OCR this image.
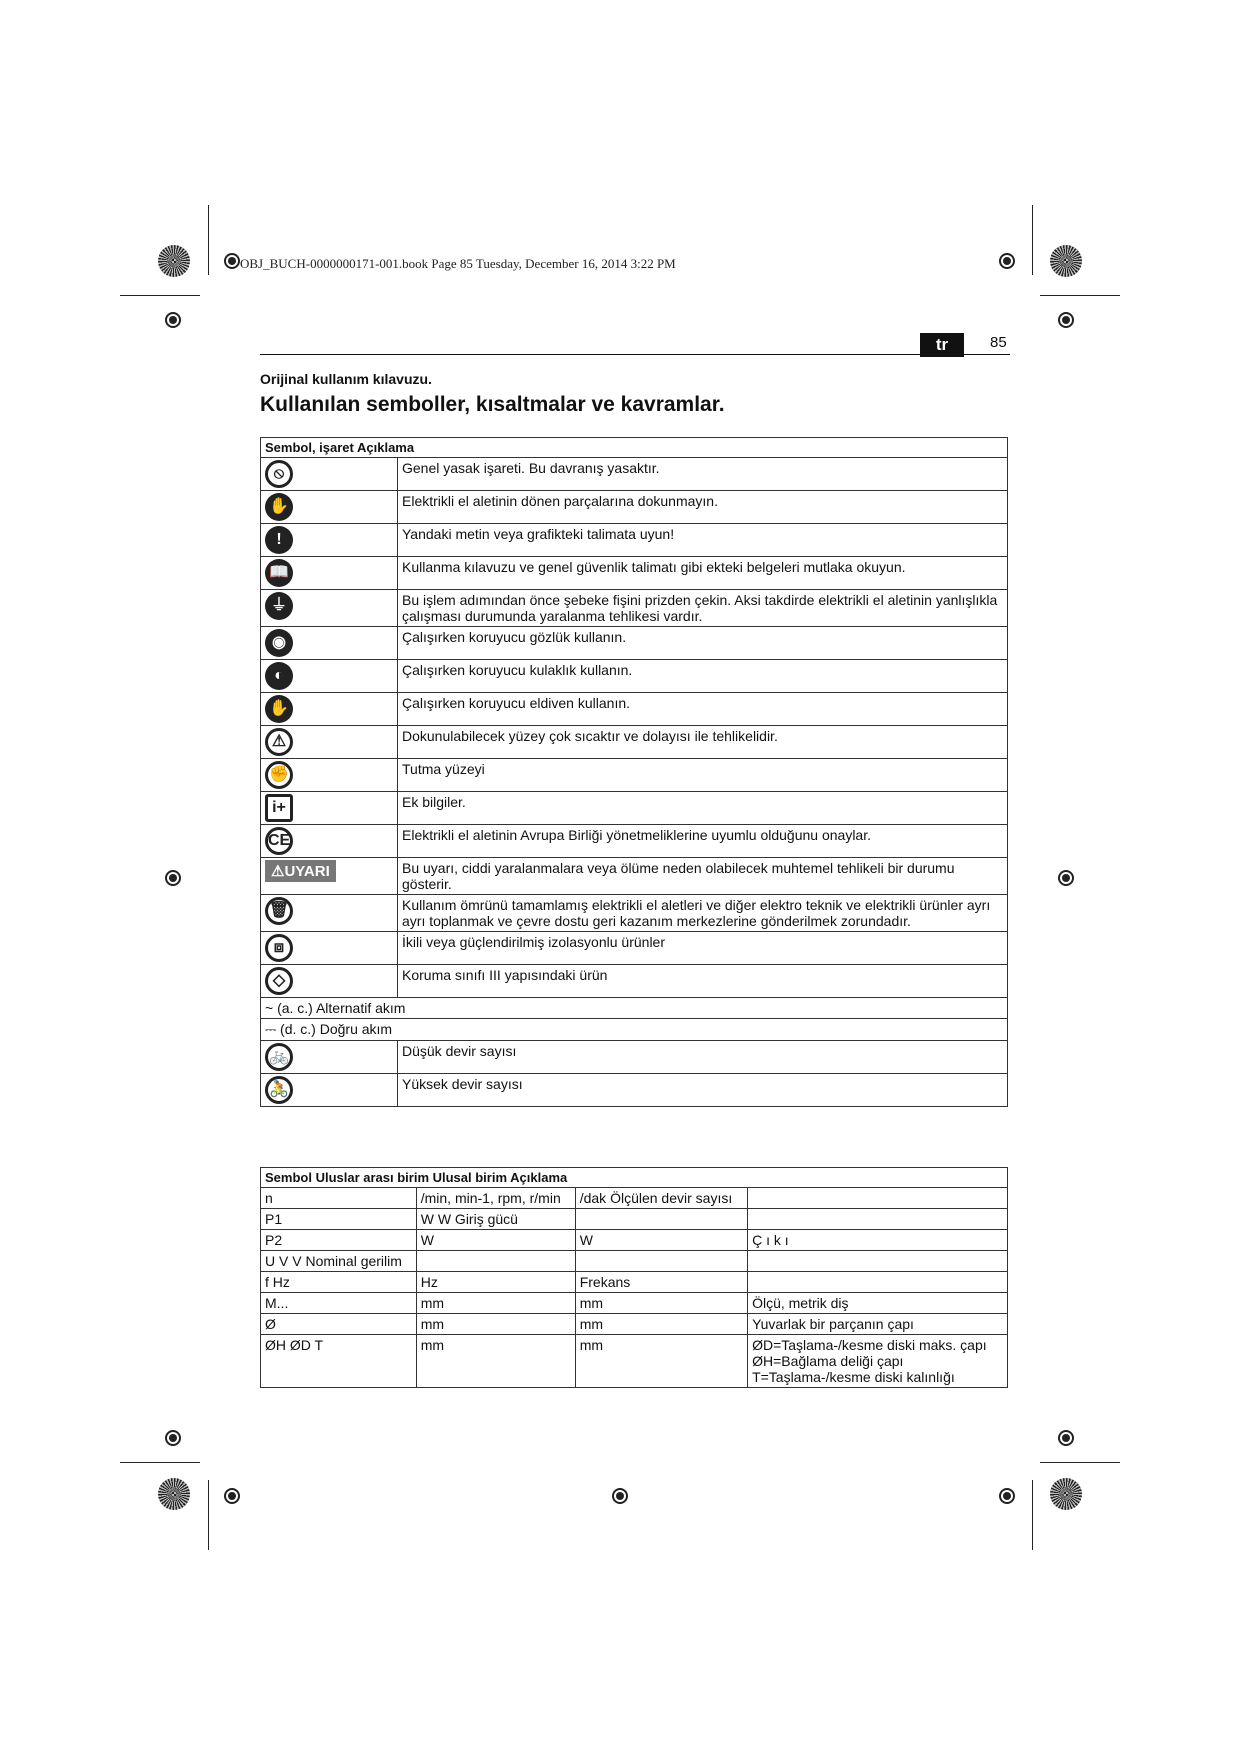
OBJ_BUCH-0000000171-001.book Page 85 Tuesday, December 16, 2014 3:22 PM
tr	85
Orijinal kullanım kılavuzu.
Kullanılan semboller, kısaltmalar ve kavramlar.
Sembol, işaret Açıklama	
⦸	Genel yasak işareti. Bu davranış yasaktır.
✋	Elektrikli el aletinin dönen parçalarına dokunmayın.
!	Yandaki metin veya grafikteki talimata uyun!
📖	Kullanma kılavuzu ve genel güvenlik talimatı gibi ekteki belgeleri mutlaka okuyun.
⏚	Bu işlem adımından önce şebeke fişini prizden çekin. Aksi takdirde elektrikli el aletinin yanlışlıkla çalışması durumunda yaralanma tehlikesi vardır.
◉	Çalışırken koruyucu gözlük kullanın.
◐	Çalışırken koruyucu kulaklık kullanın.
✋	Çalışırken koruyucu eldiven kullanın.
⚠	Dokunulabilecek yüzey çok sıcaktır ve dolayısı ile tehlikelidir.
✊	Tutma yüzeyi
i+	Ek bilgiler.
CE	Elektrikli el aletinin Avrupa Birliği yönetmeliklerine uyumlu olduğunu onaylar.
⚠UYARI	Bu uyarı, ciddi yaralanmalara veya ölüme neden olabilecek muhtemel tehlikeli bir durumu gösterir.
🗑	Kullanım ömrünü tamamlamış elektrikli el aletleri ve diğer elektro teknik ve elektrikli ürünler ayrı ayrı toplanmak ve çevre dostu geri kazanım merkezlerine gönderilmek zorundadır.
⧈	İkili veya güçlendirilmiş izolasyonlu ürünler
◇	Koruma sınıfı III yapısındaki ürün
~ (a. c.) Alternatif akım	
⎓ (d. c.) Doğru akım	
🚲	Düşük devir sayısı
🚴	Yüksek devir sayısı
Sembol Uluslar arası birim Ulusal birim Açıklama			
n	/min, min-1, rpm, r/min	/dak Ölçülen devir sayısı	
P1	W W Giriş gücü		
P2	W	W	Ç ı k ı
U V V Nominal gerilim			
f Hz	Hz	Frekans	
M...	mm	mm	Ölçü, metrik diş
Ø	mm	mm	Yuvarlak bir parçanın çapı
ØH ØD T	mm	mm	ØD=Taşlama-/kesme diski maks. çapı
ØH=Bağlama deliği çapı
T=Taşlama-/kesme diski kalınlığı
